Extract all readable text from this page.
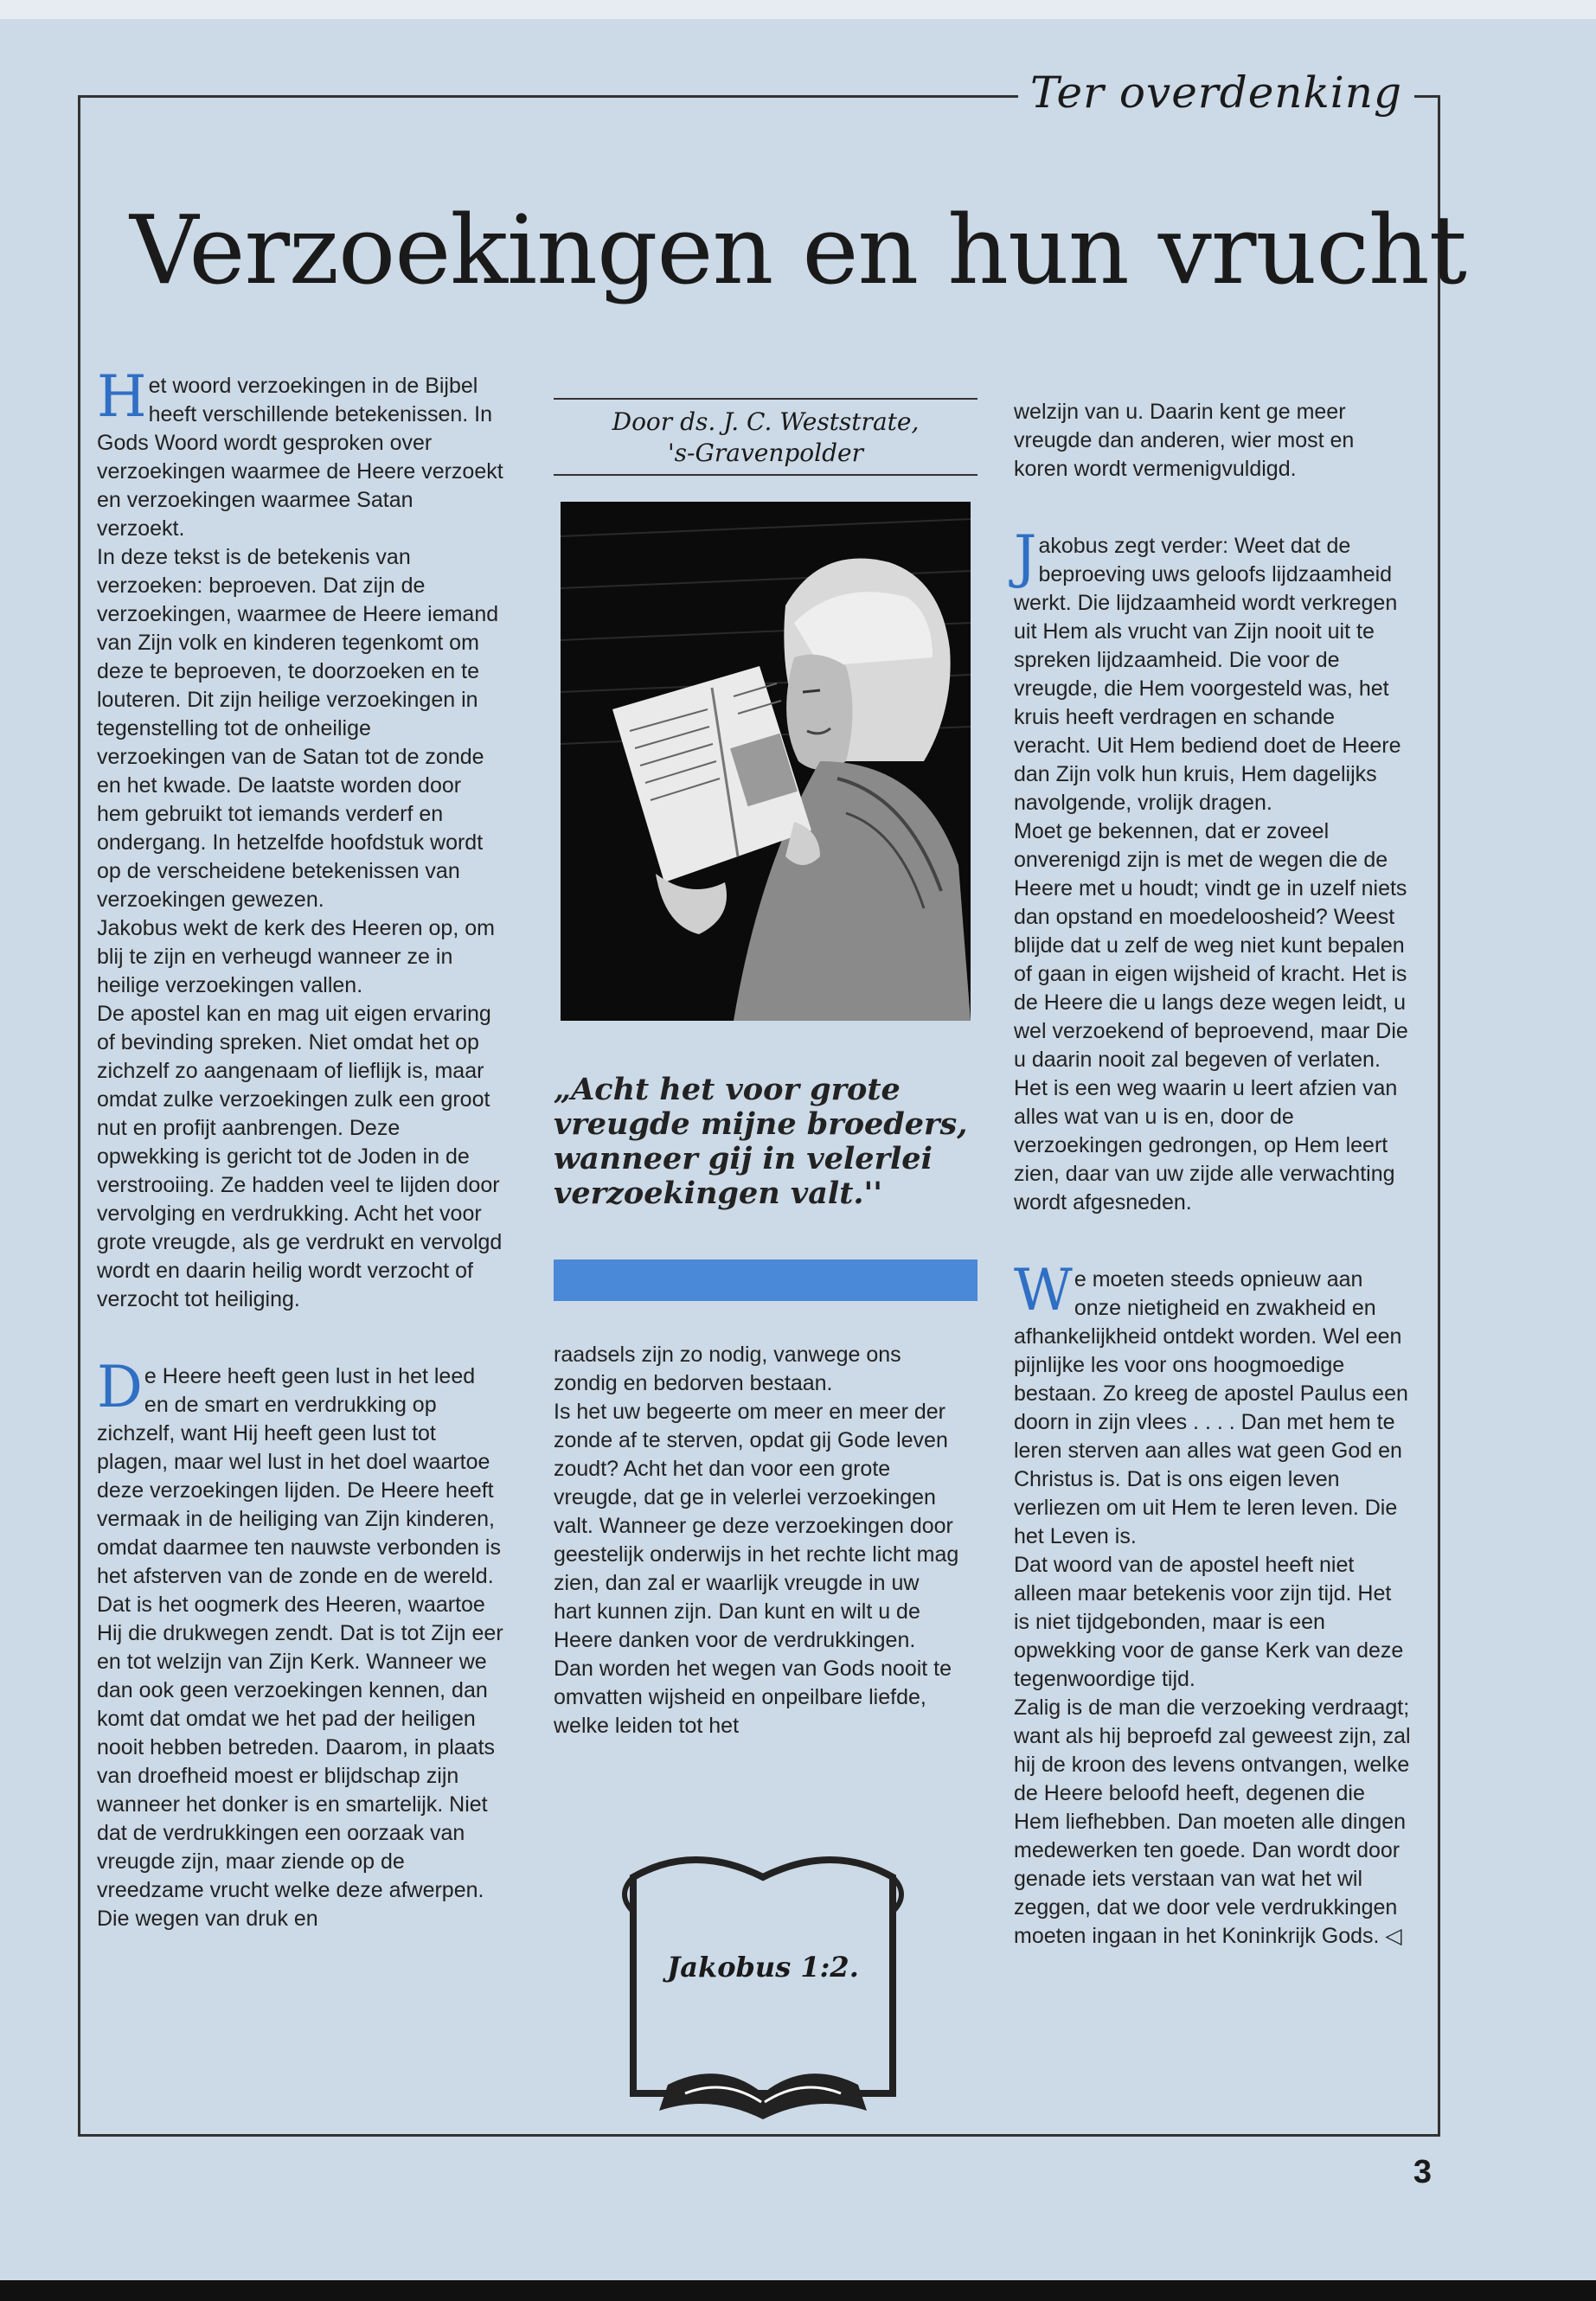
Ter overdenking
Verzoekingen en hun vrucht

Het woord verzoekingen in de Bijbel heeft verschillende betekenissen. In Gods Woord wordt gesproken over verzoekingen waarmee de Heere verzoekt en verzoekingen waarmee Satan verzoekt.

In deze tekst is de betekenis van verzoeken: beproeven. Dat zijn de verzoekingen, waarmee de Heere iemand van Zijn volk en kinderen tegenkomt om deze te beproeven, te doorzoeken en te louteren. Dit zijn heilige verzoekingen in tegenstelling tot de onheilige verzoekingen van de Satan tot de zonde en het kwade. De laatste worden door hem gebruikt tot iemands verderf en ondergang. In hetzelfde hoofdstuk wordt op de verscheidene betekenissen van verzoekingen gewezen.

Jakobus wekt de kerk des Heeren op, om blij te zijn en verheugd wanneer ze in heilige verzoekingen vallen.

De apostel kan en mag uit eigen ervaring of bevinding spreken. Niet omdat het op zichzelf zo aangenaam of lieflijk is, maar omdat zulke verzoekingen zulk een groot nut en profijt aanbrengen. Deze opwekking is gericht tot de Joden in de verstrooiing. Ze hadden veel te lijden door vervolging en verdrukking. Acht het voor grote vreugde, als ge verdrukt en vervolgd wordt en daarin heilig wordt verzocht of verzocht tot heiliging.

De Heere heeft geen lust in het leed en de smart en verdrukking op zichzelf, want Hij heeft geen lust tot plagen, maar wel lust in het doel waartoe deze verzoekingen lijden. De Heere heeft vermaak in de heiliging van Zijn kinderen, omdat daarmee ten nauwste verbonden is het afsterven van de zonde en de wereld. Dat is het oogmerk des Heeren, waartoe Hij die drukwegen zendt. Dat is tot Zijn eer en tot welzijn van Zijn Kerk. Wanneer we dan ook geen verzoekingen kennen, dan komt dat omdat we het pad der heiligen nooit hebben betreden. Daarom, in plaats van droefheid moest er blijdschap zijn wanneer het donker is en smartelijk. Niet dat de verdrukkingen een oorzaak van vreugde zijn, maar ziende op de vreedzame vrucht welke deze afwerpen. Die wegen van druk en

Door ds. J. C. Weststrate,
's-Gravenpolder
„Acht het voor grote vreugde mijne broeders, wanneer gij in velerlei verzoekingen valt.''

raadsels zijn zo nodig, vanwege ons zondig en bedorven bestaan.

Is het uw begeerte om meer en meer der zonde af te sterven, opdat gij Gode leven zoudt? Acht het dan voor een grote vreugde, dat ge in velerlei verzoekingen valt. Wanneer ge deze verzoekingen door geestelijk onderwijs in het rechte licht mag zien, dan zal er waarlijk vreugde in uw hart kunnen zijn. Dan kunt en wilt u de Heere danken voor de verdrukkingen. Dan worden het wegen van Gods nooit te omvatten wijsheid en onpeilbare liefde, welke leiden tot het

Jakobus 1:2.

welzijn van u. Daarin kent ge meer vreugde dan anderen, wier most en koren wordt vermenigvuldigd.

Jakobus zegt verder: Weet dat de beproeving uws geloofs lijdzaamheid werkt. Die lijdzaamheid wordt verkregen uit Hem als vrucht van Zijn nooit uit te spreken lijdzaamheid. Die voor de vreugde, die Hem voorgesteld was, het kruis heeft verdragen en schande veracht. Uit Hem bediend doet de Heere dan Zijn volk hun kruis, Hem dagelijks navolgende, vrolijk dragen.

Moet ge bekennen, dat er zoveel onverenigd zijn is met de wegen die de Heere met u houdt; vindt ge in uzelf niets dan opstand en moedeloosheid? Weest blijde dat u zelf de weg niet kunt bepalen of gaan in eigen wijsheid of kracht. Het is de Heere die u langs deze wegen leidt, u wel verzoekend of beproevend, maar Die u daarin nooit zal begeven of verlaten. Het is een weg waarin u leert afzien van alles wat van u is en, door de verzoekingen gedrongen, op Hem leert zien, daar van uw zijde alle verwachting wordt afgesneden.

We moeten steeds opnieuw aan onze nietigheid en zwakheid en afhankelijkheid ontdekt worden. Wel een pijnlijke les voor ons hoogmoedige bestaan. Zo kreeg de apostel Paulus een doorn in zijn vlees . . . . Dan met hem te leren sterven aan alles wat geen God en Christus is. Dat is ons eigen leven verliezen om uit Hem te leren leven. Die het Leven is.

Dat woord van de apostel heeft niet alleen maar betekenis voor zijn tijd. Het is niet tijdgebonden, maar is een opwekking voor de ganse Kerk van deze tegenwoordige tijd.

Zalig is de man die verzoeking verdraagt; want als hij beproefd zal geweest zijn, zal hij de kroon des levens ontvangen, welke de Heere beloofd heeft, degenen die Hem liefhebben. Dan moeten alle dingen medewerken ten goede. Dan wordt door genade iets verstaan van wat het wil zeggen, dat we door vele verdrukkingen moeten ingaan in het Koninkrijk Gods. ◁

3
